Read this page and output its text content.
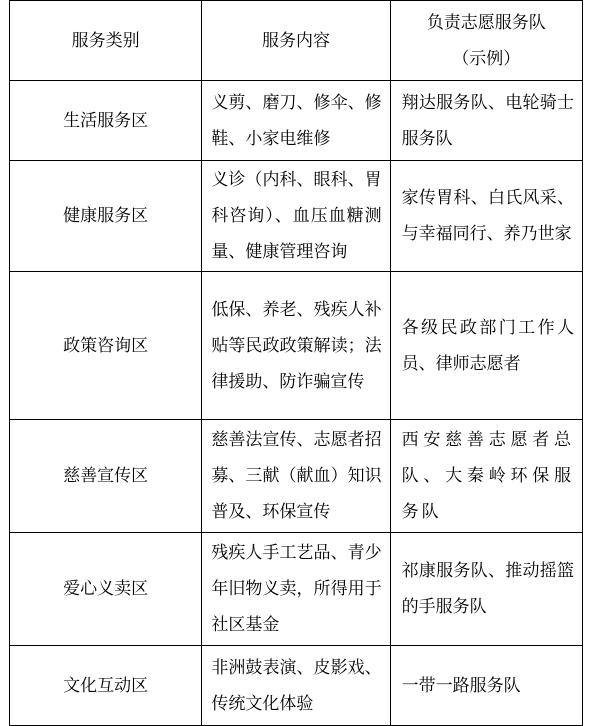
服务类别	服务内容	负责志愿服务队
（示例）

生活服务区	义剪、磨刀、修伞、修鞋、小家电维修	翔达服务队、电轮骑士服务队
健康服务区	义诊（内科、眼科、胃科咨询）、血压血糖测量、健康管理咨询	家传胃科、白氏风采、与幸福同行、养乃世家
政策咨询区	低保、养老、残疾人补贴等民政政策解读；法律援助、防诈骗宣传	各级民政部门工作人员、律师志愿者
慈善宣传区	慈善法宣传、志愿者招募、三献（献血）知识普及、环保宣传	西安慈善志愿者总队、大秦岭环保服务队
爱心义卖区	残疾人手工艺品、青少年旧物义卖，所得用于社区基金	祁康服务队、推动摇篮的手服务队
文化互动区	非洲鼓表演、皮影戏、传统文化体验	一带一路服务队
